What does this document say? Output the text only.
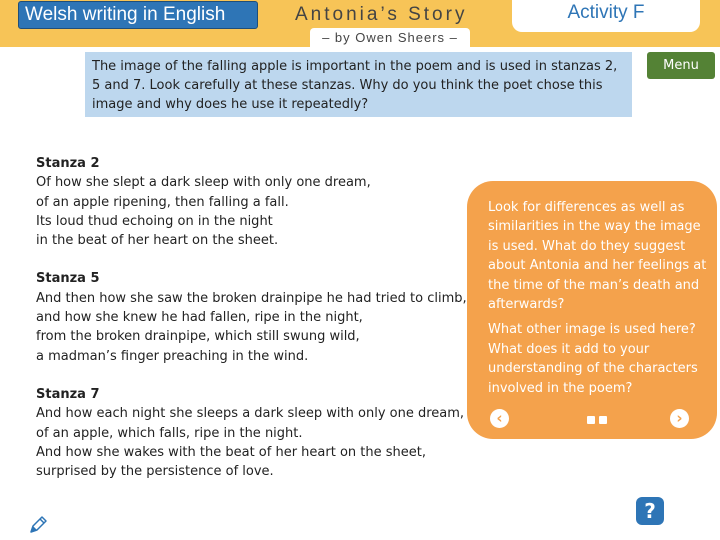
Welsh writing in English	Antonia’s Story	Activity F
– by Owen Sheers –
The image of the falling apple is important in the poem and is used in stanzas 2, 5 and 7. Look carefully at these stanzas. Why do you think the poet chose this image and why does he use it repeatedly?
Menu
Stanza 2
Of how she slept a dark sleep with only one dream,
of an apple ripening, then falling a fall.
Its loud thud echoing on in the night
in the beat of her heart on the sheet.
Stanza 5
And then how she saw the broken drainpipe he had tried to climb,
and how she knew he had fallen, ripe in the night,
from the broken drainpipe, which still swung wild,
a madman’s finger preaching in the wind.
Stanza 7
And how each night she sleeps a dark sleep with only one dream,
of an apple, which falls, ripe in the night.
And how she wakes with the beat of her heart on the sheet,
surprised by the persistence of love.

Look for differences as well as similarities in the way the image is used. What do they suggest about Antonia and her feelings at the time of the man’s death and afterwards?

What other image is used here? What does it add to your understanding of the characters involved in the poem?

‹	›
?
